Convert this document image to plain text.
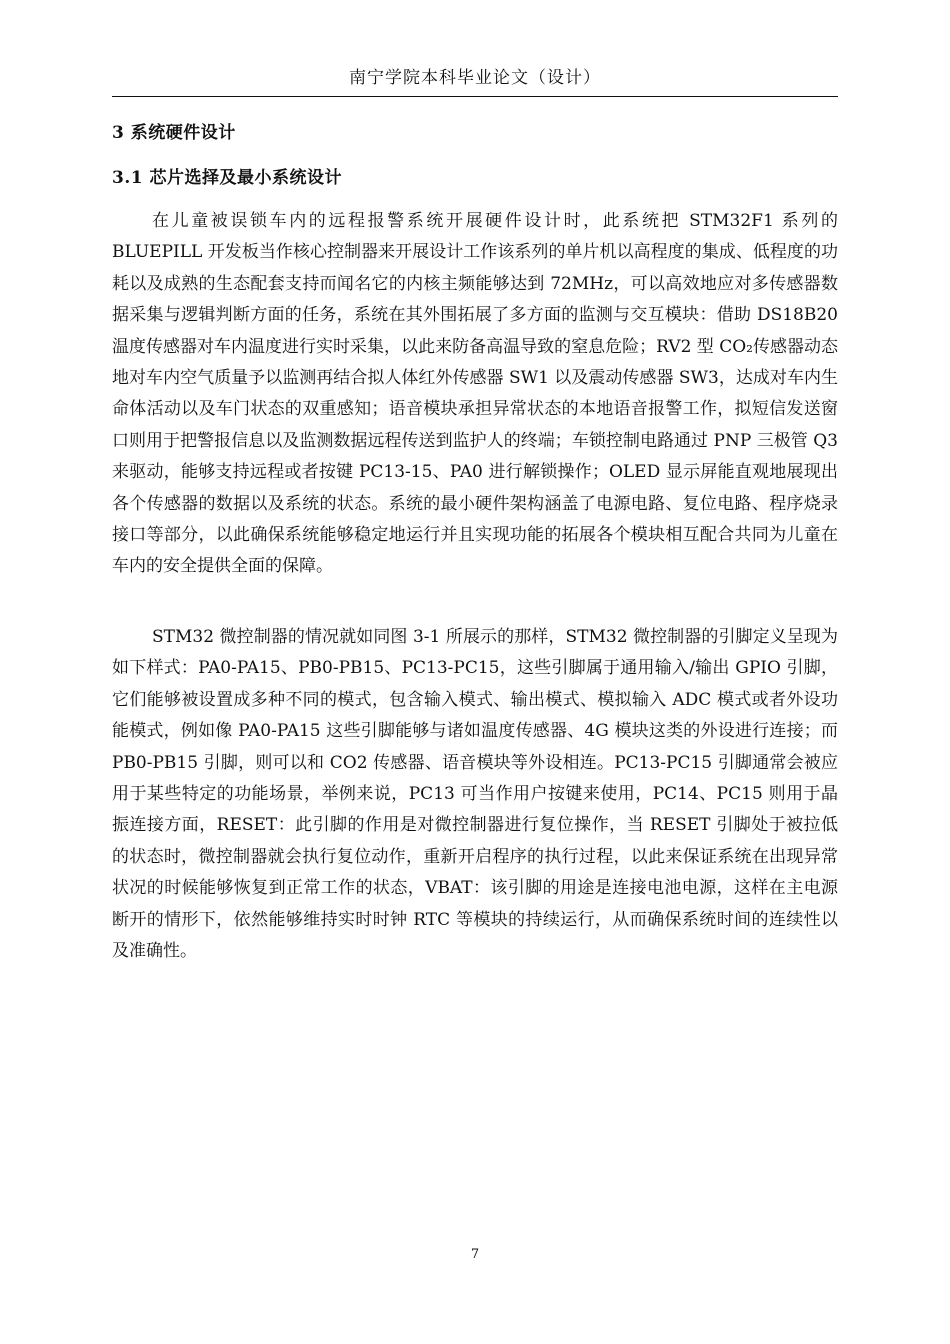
南宁学院本科毕业论文（设计）
3 系统硬件设计
3.1 芯片选择及最小系统设计

在儿童被误锁车内的远程报警系统开展硬件设计时，此系统把 STM32F1 系列的 BLUEPILL 开发板当作核心控制器来开展设计工作该系列的单片机以高程度的集成、低程度的功耗以及成熟的生态配套支持而闻名它的内核主频能够达到 72MHz，可以高效地应对多传感器数据采集与逻辑判断方面的任务，系统在其外围拓展了多方面的监测与交互模块：借助 DS18B20 温度传感器对车内温度进行实时采集，以此来防备高温导致的窒息危险；RV2 型 CO₂传感器动态地对车内空气质量予以监测再结合拟人体红外传感器 SW1 以及震动传感器 SW3，达成对车内生命体活动以及车门状态的双重感知；语音模块承担异常状态的本地语音报警工作，拟短信发送窗口则用于把警报信息以及监测数据远程传送到监护人的终端；车锁控制电路通过 PNP 三极管 Q3 来驱动，能够支持远程或者按键 PC13-15、PA0 进行解锁操作；OLED 显示屏能直观地展现出各个传感器的数据以及系统的状态。系统的最小硬件架构涵盖了电源电路、复位电路、程序烧录接口等部分，以此确保系统能够稳定地运行并且实现功能的拓展各个模块相互配合共同为儿童在车内的安全提供全面的保障。

STM32 微控制器的情况就如同图 3-1 所展示的那样，STM32 微控制器的引脚定义呈现为如下样式：PA0-PA15、PB0-PB15、PC13-PC15，这些引脚属于通用输入/输出 GPIO 引脚，它们能够被设置成多种不同的模式，包含输入模式、输出模式、模拟输入 ADC 模式或者外设功能模式，例如像 PA0-PA15 这些引脚能够与诸如温度传感器、4G 模块这类的外设进行连接；而 PB0-PB15 引脚，则可以和 CO2 传感器、语音模块等外设相连。PC13-PC15 引脚通常会被应用于某些特定的功能场景，举例来说，PC13 可当作用户按键来使用，PC14、PC15 则用于晶振连接方面，RESET：此引脚的作用是对微控制器进行复位操作，当 RESET 引脚处于被拉低的状态时，微控制器就会执行复位动作，重新开启程序的执行过程，以此来保证系统在出现异常状况的时候能够恢复到正常工作的状态，VBAT：该引脚的用途是连接电池电源，这样在主电源断开的情形下，依然能够维持实时时钟 RTC 等模块的持续运行，从而确保系统时间的连续性以及准确性。

7
